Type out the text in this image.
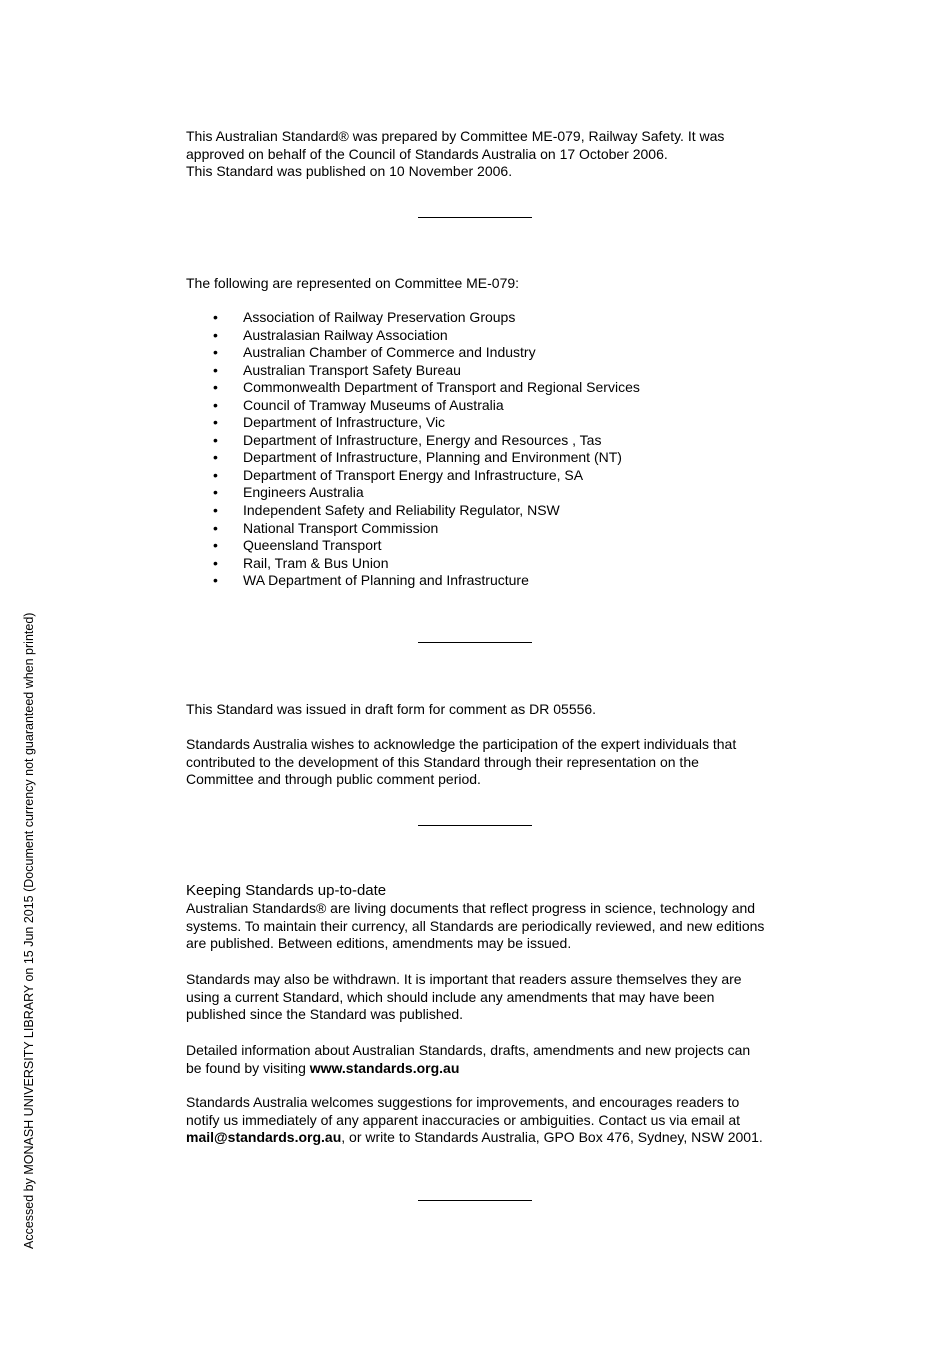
This Australian Standard® was prepared by Committee ME-079, Railway Safety. It was
approved on behalf of the Council of Standards Australia on 17 October 2006.
This Standard was published on 10 November 2006.
The following are represented on Committee ME-079:
• Association of Railway Preservation Groups
• Australasian Railway Association
• Australian Chamber of Commerce and Industry
• Australian Transport Safety Bureau
• Commonwealth Department of Transport and Regional Services
• Council of Tramway Museums of Australia
• Department of Infrastructure, Vic
• Department of Infrastructure, Energy and Resources , Tas
• Department of Infrastructure, Planning and Environment (NT)
• Department of Transport Energy and Infrastructure, SA
• Engineers Australia
• Independent Safety and Reliability Regulator, NSW
• National Transport Commission
• Queensland Transport
• Rail, Tram & Bus Union
• WA Department of Planning and Infrastructure
This Standard was issued in draft form for comment as DR 05556.
Standards Australia wishes to acknowledge the participation of the expert individuals that
contributed to the development of this Standard through their representation on the
Committee and through public comment period.
Keeping Standards up-to-date
Australian Standards® are living documents that reflect progress in science, technology and
systems. To maintain their currency, all Standards are periodically reviewed, and new editions
are published. Between editions, amendments may be issued.
Standards may also be withdrawn. It is important that readers assure themselves they are
using a current Standard, which should include any amendments that may have been
published since the Standard was published.
Detailed information about Australian Standards, drafts, amendments and new projects can
be found by visiting www.standards.org.au
Standards Australia welcomes suggestions for improvements, and encourages readers to
notify us immediately of any apparent inaccuracies or ambiguities. Contact us via email at
mail@standards.org.au, or write to Standards Australia, GPO Box 476, Sydney, NSW 2001.
Accessed by MONASH UNIVERSITY LIBRARY on 15 Jun 2015 (Document currency not guaranteed when printed)
